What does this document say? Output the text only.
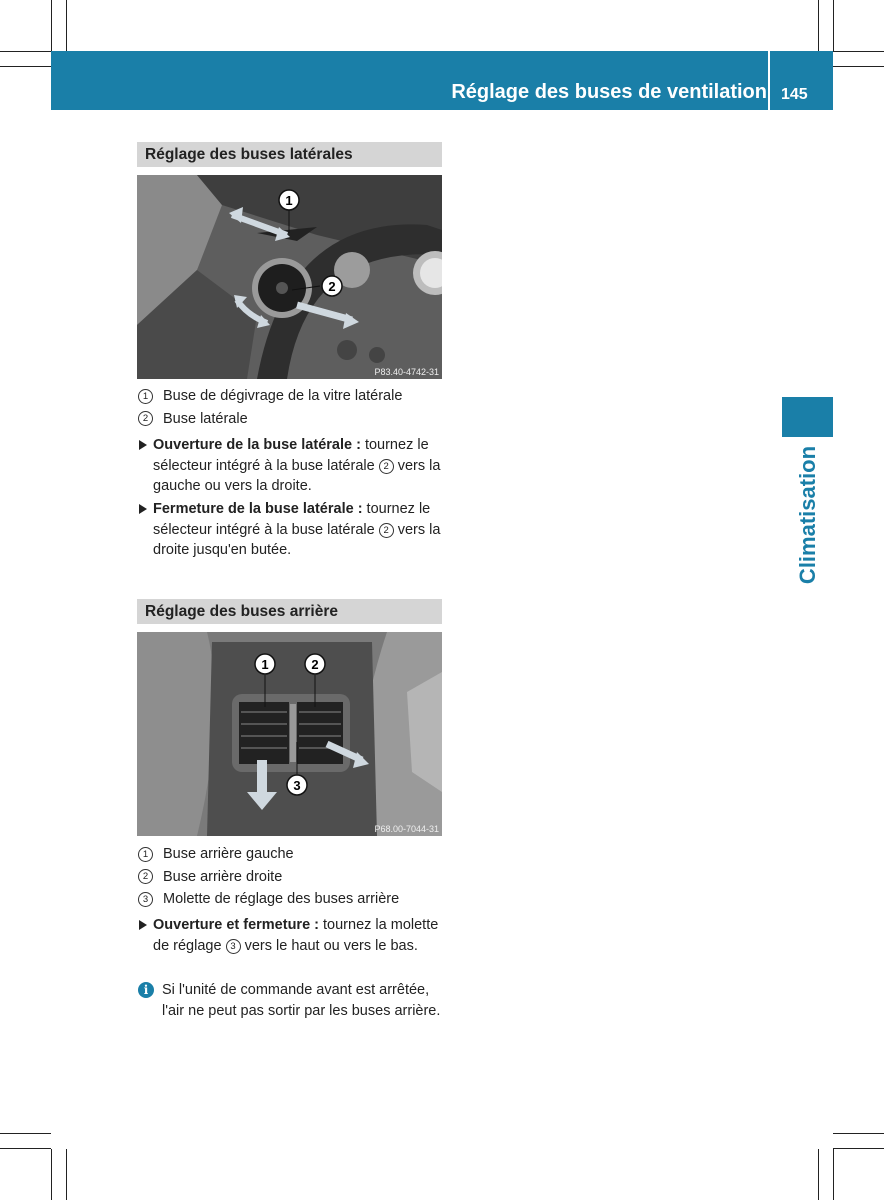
Réglage des buses de ventilation 145
Climatisation
Réglage des buses latérales
1
2
P83.40-4742-31
1	Buse de dégivrage de la vitre latérale
2	Buse latérale
Ouverture de la buse latérale : tournez le sélecteur intégré à la buse latérale 2 vers la gauche ou vers la droite.
Fermeture de la buse latérale : tournez le sélecteur intégré à la buse latérale 2 vers la droite jusqu'en butée.
Réglage des buses arrière
1	2
3
P68.00-7044-31
1	Buse arrière gauche
2	Buse arrière droite
3	Molette de réglage des buses arrière
Ouverture et fermeture : tournez la molette de réglage 3 vers le haut ou vers le bas.
i Si l'unité de commande avant est arrêtée, l'air ne peut pas sortir par les buses arrière.
